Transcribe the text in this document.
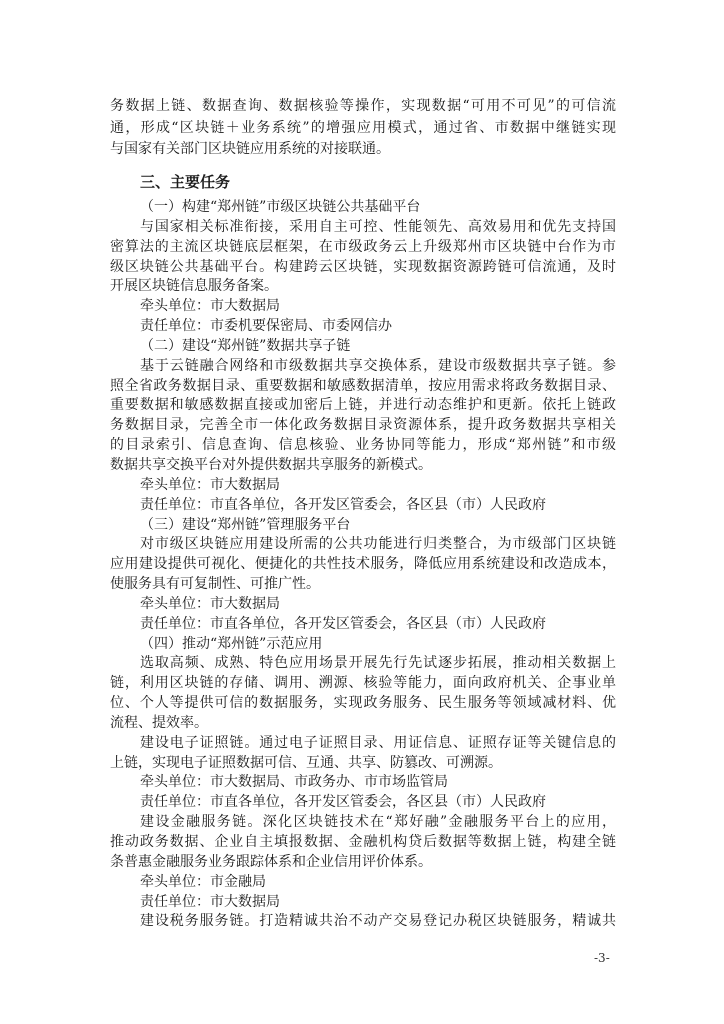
务数据上链、数据查询、数据核验等操作，实现数据“可用不可见”的可信流
通，形成“区块链＋业务系统”的增强应用模式，通过省、市数据中继链实现
与国家有关部门区块链应用系统的对接联通。
三、主要任务
（一）构建“郑州链”市级区块链公共基础平台
与国家相关标准衔接，采用自主可控、性能领先、高效易用和优先支持国
密算法的主流区块链底层框架，在市级政务云上升级郑州市区块链中台作为市
级区块链公共基础平台。构建跨云区块链，实现数据资源跨链可信流通，及时
开展区块链信息服务备案。
牵头单位：市大数据局
责任单位：市委机要保密局、市委网信办
（二）建设“郑州链”数据共享子链
基于云链融合网络和市级数据共享交换体系，建设市级数据共享子链。参
照全省政务数据目录、重要数据和敏感数据清单，按应用需求将政务数据目录、
重要数据和敏感数据直接或加密后上链，并进行动态维护和更新。依托上链政
务数据目录，完善全市一体化政务数据目录资源体系，提升政务数据共享相关
的目录索引、信息查询、信息核验、业务协同等能力，形成“郑州链”和市级
数据共享交换平台对外提供数据共享服务的新模式。
牵头单位：市大数据局
责任单位：市直各单位，各开发区管委会，各区县（市）人民政府
（三）建设“郑州链”管理服务平台
对市级区块链应用建设所需的公共功能进行归类整合，为市级部门区块链
应用建设提供可视化、便捷化的共性技术服务，降低应用系统建设和改造成本，
使服务具有可复制性、可推广性。
牵头单位：市大数据局
责任单位：市直各单位，各开发区管委会，各区县（市）人民政府
（四）推动“郑州链”示范应用
选取高频、成熟、特色应用场景开展先行先试逐步拓展，推动相关数据上
链，利用区块链的存储、调用、溯源、核验等能力，面向政府机关、企事业单
位、个人等提供可信的数据服务，实现政务服务、民生服务等领域减材料、优
流程、提效率。
建设电子证照链。通过电子证照目录、用证信息、证照存证等关键信息的
上链，实现电子证照数据可信、互通、共享、防篡改、可溯源。
牵头单位：市大数据局、市政务办、市市场监管局
责任单位：市直各单位，各开发区管委会，各区县（市）人民政府
建设金融服务链。深化区块链技术在“郑好融”金融服务平台上的应用，
推动政务数据、企业自主填报数据、金融机构贷后数据等数据上链，构建全链
条普惠金融服务业务跟踪体系和企业信用评价体系。
牵头单位：市金融局
责任单位：市大数据局
建设税务服务链。打造精诚共治不动产交易登记办税区块链服务，精诚共
-3-
